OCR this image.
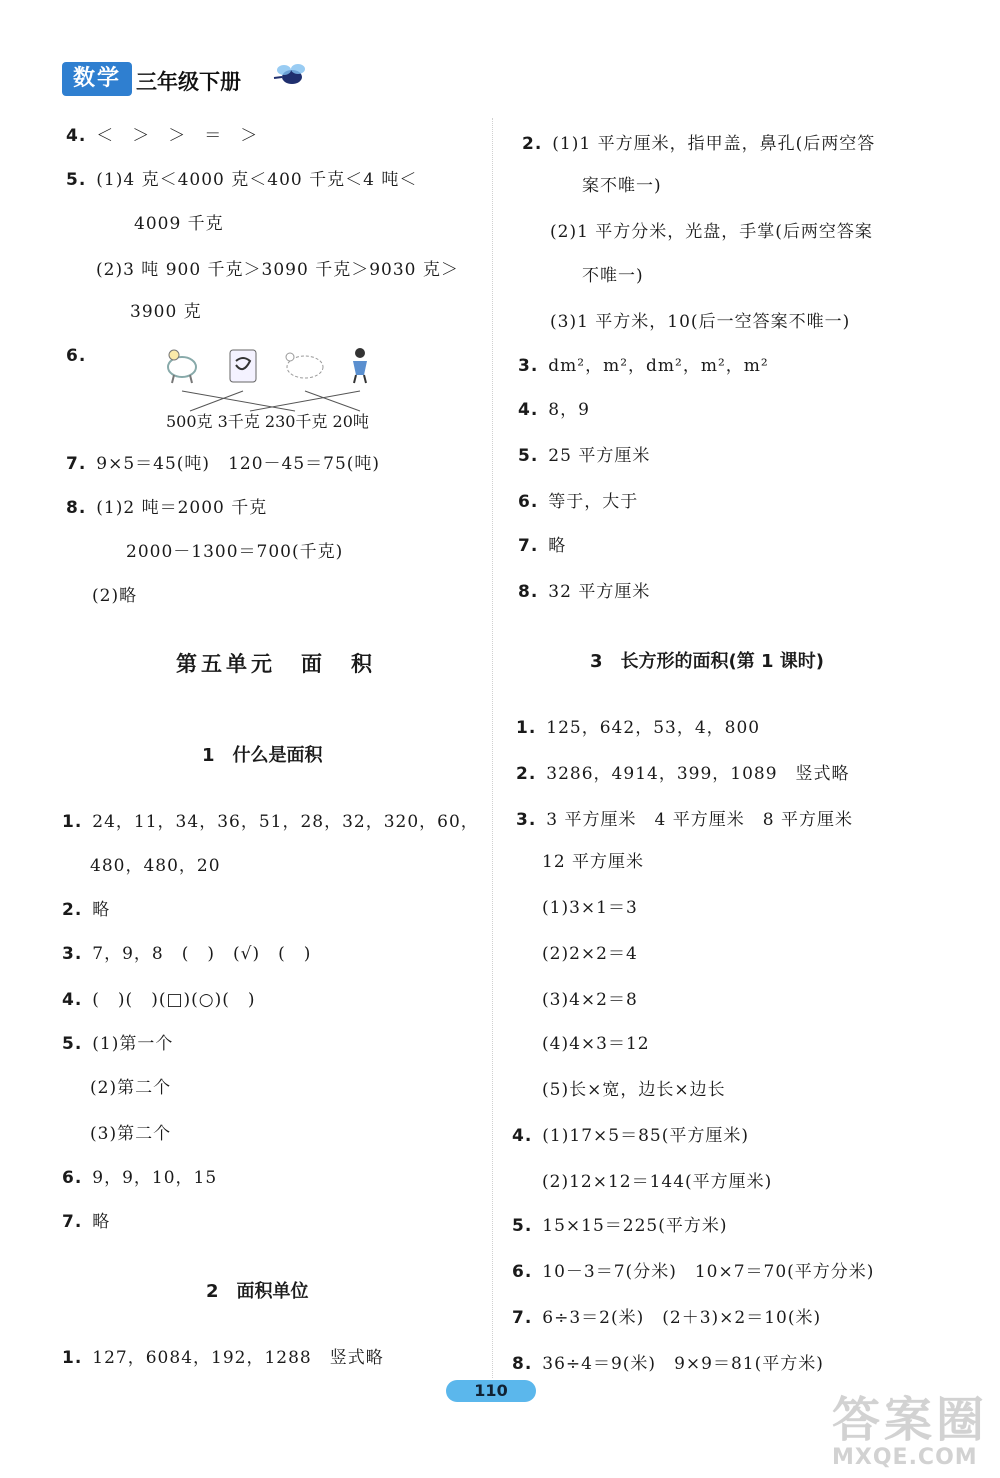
数学 三年级下册
4. ＜　＞　＞　＝　＞
5. (1)4 克＜4000 克＜400 千克＜4 吨＜
4009 千克
(2)3 吨 900 千克＞3090 千克＞9030 克＞
3900 克
6.
500克 3千克 230千克 20吨
7. 9×5＝45(吨)　120－45＝75(吨)
8. (1)2 吨＝2000 千克
2000－1300＝700(千克)
(2)略
第五单元　面　积
1　什么是面积
1. 24，11，34，36，51，28，32，320，60，
480，480，20
2. 略
3. 7，9，8　(　)　(√)　(　)
4. (　)(　)(□)(○)(　)
5. (1)第一个
(2)第二个
(3)第二个
6. 9，9，10，15
7. 略
2　面积单位
1. 127，6084，192，1288　竖式略
2. (1)1 平方厘米，指甲盖，鼻孔(后两空答
案不唯一)
(2)1 平方分米，光盘，手掌(后两空答案
不唯一)
(3)1 平方米，10(后一空答案不唯一)
3. dm²，m²，dm²，m²，m²
4. 8，9
5. 25 平方厘米
6. 等于，大于
7. 略
8. 32 平方厘米
3　长方形的面积(第 1 课时)
1. 125，642，53，4，800
2. 3286，4914，399，1089　竖式略
3. 3 平方厘米　4 平方厘米　8 平方厘米
12 平方厘米
(1)3×1＝3
(2)2×2＝4
(3)4×2＝8
(4)4×3＝12
(5)长×宽，边长×边长
4. (1)17×5＝85(平方厘米)
(2)12×12＝144(平方厘米)
5. 15×15＝225(平方米)
6. 10－3＝7(分米)　10×7＝70(平方分米)
7. 6÷3＝2(米)　(2＋3)×2＝10(米)
8. 36÷4＝9(米)　9×9＝81(平方米)
110
答案圈
MXQE.COM
